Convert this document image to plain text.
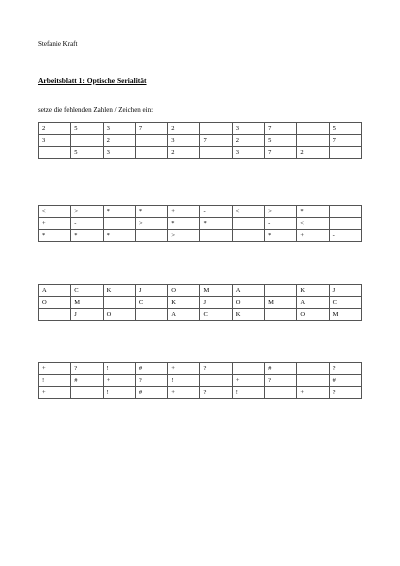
Stefanie Kraft
Arbeitsblatt 1: Optische Serialität
setze die fehlenden Zahlen / Zeichen ein:
2	5	3	7	2		3	7		5
3		2		3	7	2	5		7
	5	3		2		3	7	2	
<	>	*	*	+	-	<	>	*	
+	-		>	*	*		-	<	
*	*	*		>			*	+	-
A	C	K	J	O	M	A		K	J
O	M		C	K	J	O	M	A	C
	J	O		A	C	K		O	M
+	?	!	#	+	?		#		?
!	#	+	?	!		+	?		#
+		!	#	+	?	!		+	?
